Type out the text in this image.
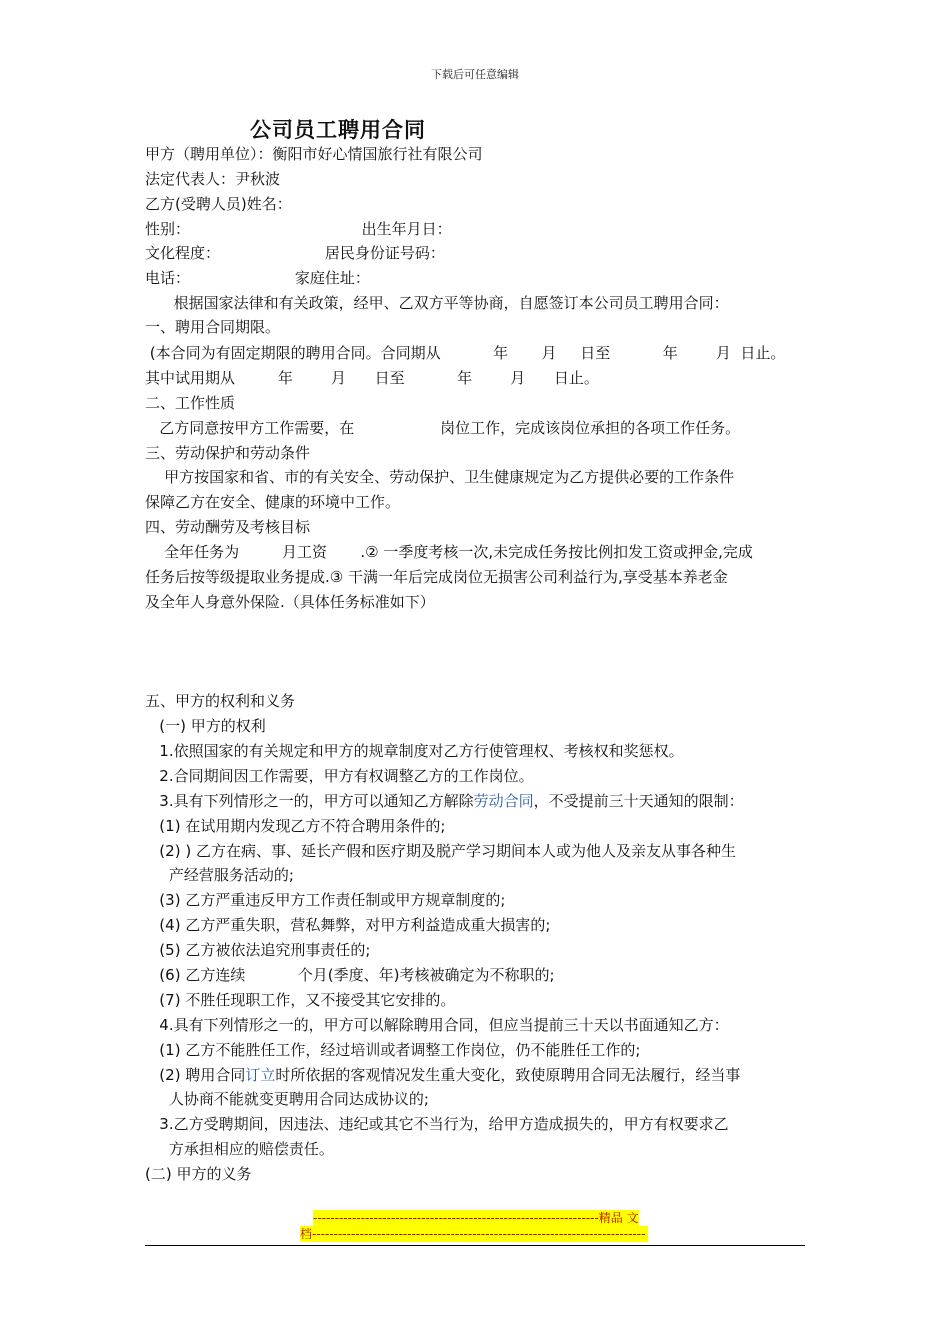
下载后可任意编辑
公司员工聘用合同
甲方（聘用单位）：衡阳市好心情国旅行社有限公司
法定代表人：尹秋波
乙方(受聘人员)姓名：
性别：                                    出生年月日：
文化程度：                      居民身份证号码：
电话：                      家庭住址：
根据国家法律和有关政策，经甲、乙双方平等协商，自愿签订本公司员工聘用合同：
一、聘用合同期限。
(本合同为有固定期限的聘用合同。合同期从           年       月     日至           年        月  日止。
其中试用期从         年        月      日至           年        月      日止。
二、工作性质
乙方同意按甲方工作需要，在                  岗位工作，完成该岗位承担的各项工作任务。
三、劳动保护和劳动条件
甲方按国家和省、市的有关安全、劳动保护、卫生健康规定为乙方提供必要的工作条件
保障乙方在安全、健康的环境中工作。
四、劳动酬劳及考核目标
全年任务为         月工资       .② 一季度考核一次,未完成任务按比例扣发工资或押金,完成
任务后按等级提取业务提成.③ 干满一年后完成岗位无损害公司利益行为,享受基本养老金
及全年人身意外保险.（具体任务标准如下）
五、甲方的权利和义务
(一) 甲方的权利
1.依照国家的有关规定和甲方的规章制度对乙方行使管理权、考核权和奖惩权。
2.合同期间因工作需要，甲方有权调整乙方的工作岗位。
3.具有下列情形之一的，甲方可以通知乙方解除劳动合同，不受提前三十天通知的限制：
(1) 在试用期内发现乙方不符合聘用条件的;
(2) ) 乙方在病、事、延长产假和医疗期及脱产学习期间本人或为他人及亲友从事各种生
产经营服务活动的;
(3) 乙方严重违反甲方工作责任制或甲方规章制度的;
(4) 乙方严重失职，营私舞弊，对甲方利益造成重大损害的;
(5) 乙方被依法追究刑事责任的;
(6) 乙方连续           个月(季度、年)考核被确定为不称职的;
(7) 不胜任现职工作，又不接受其它安排的。
4.具有下列情形之一的，甲方可以解除聘用合同，但应当提前三十天以书面通知乙方：
(1) 乙方不能胜任工作，经过培训或者调整工作岗位，仍不能胜任工作的;
(2) 聘用合同订立时所依据的客观情况发生重大变化，致使原聘用合同无法履行，经当事
人协商不能就变更聘用合同达成协议的;
3.乙方受聘期间，因违法、违纪或其它不当行为，给甲方造成损失的，甲方有权要求乙
方承担相应的赔偿责任。
(二) 甲方的义务
------------------------------------------------------------------精品 文
档-----------------------------------------------------------------------------
